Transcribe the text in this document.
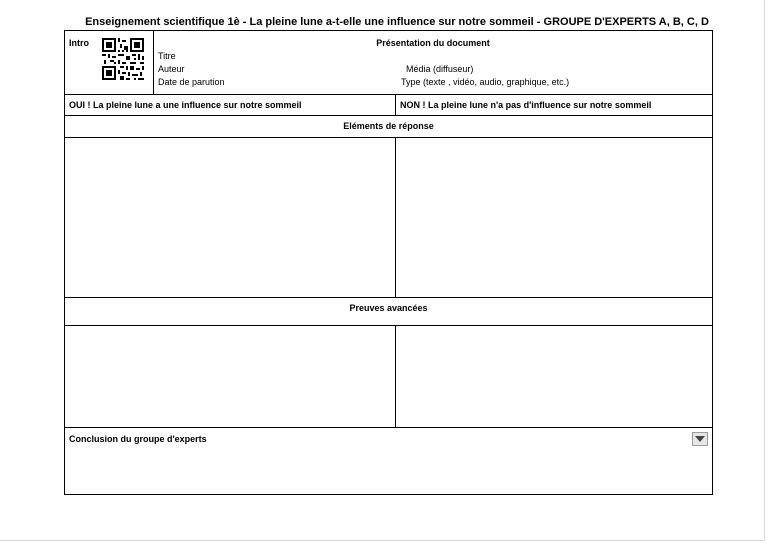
Enseignement scientifique 1è - La pleine lune a-t-elle une influence sur notre sommeil - GROUPE D'EXPERTS A, B, C, D
Intro	Présentation du document
Titre
Auteur	Média (diffuseur)
Date de parution	Type (texte , vidéo, audio, graphique, etc.)
OUI ! La pleine lune a une influence sur notre sommeil	NON ! La pleine lune n'a pas d'influence sur notre sommeil
Eléments de réponse
Preuves avancées
Conclusion du groupe d'experts
